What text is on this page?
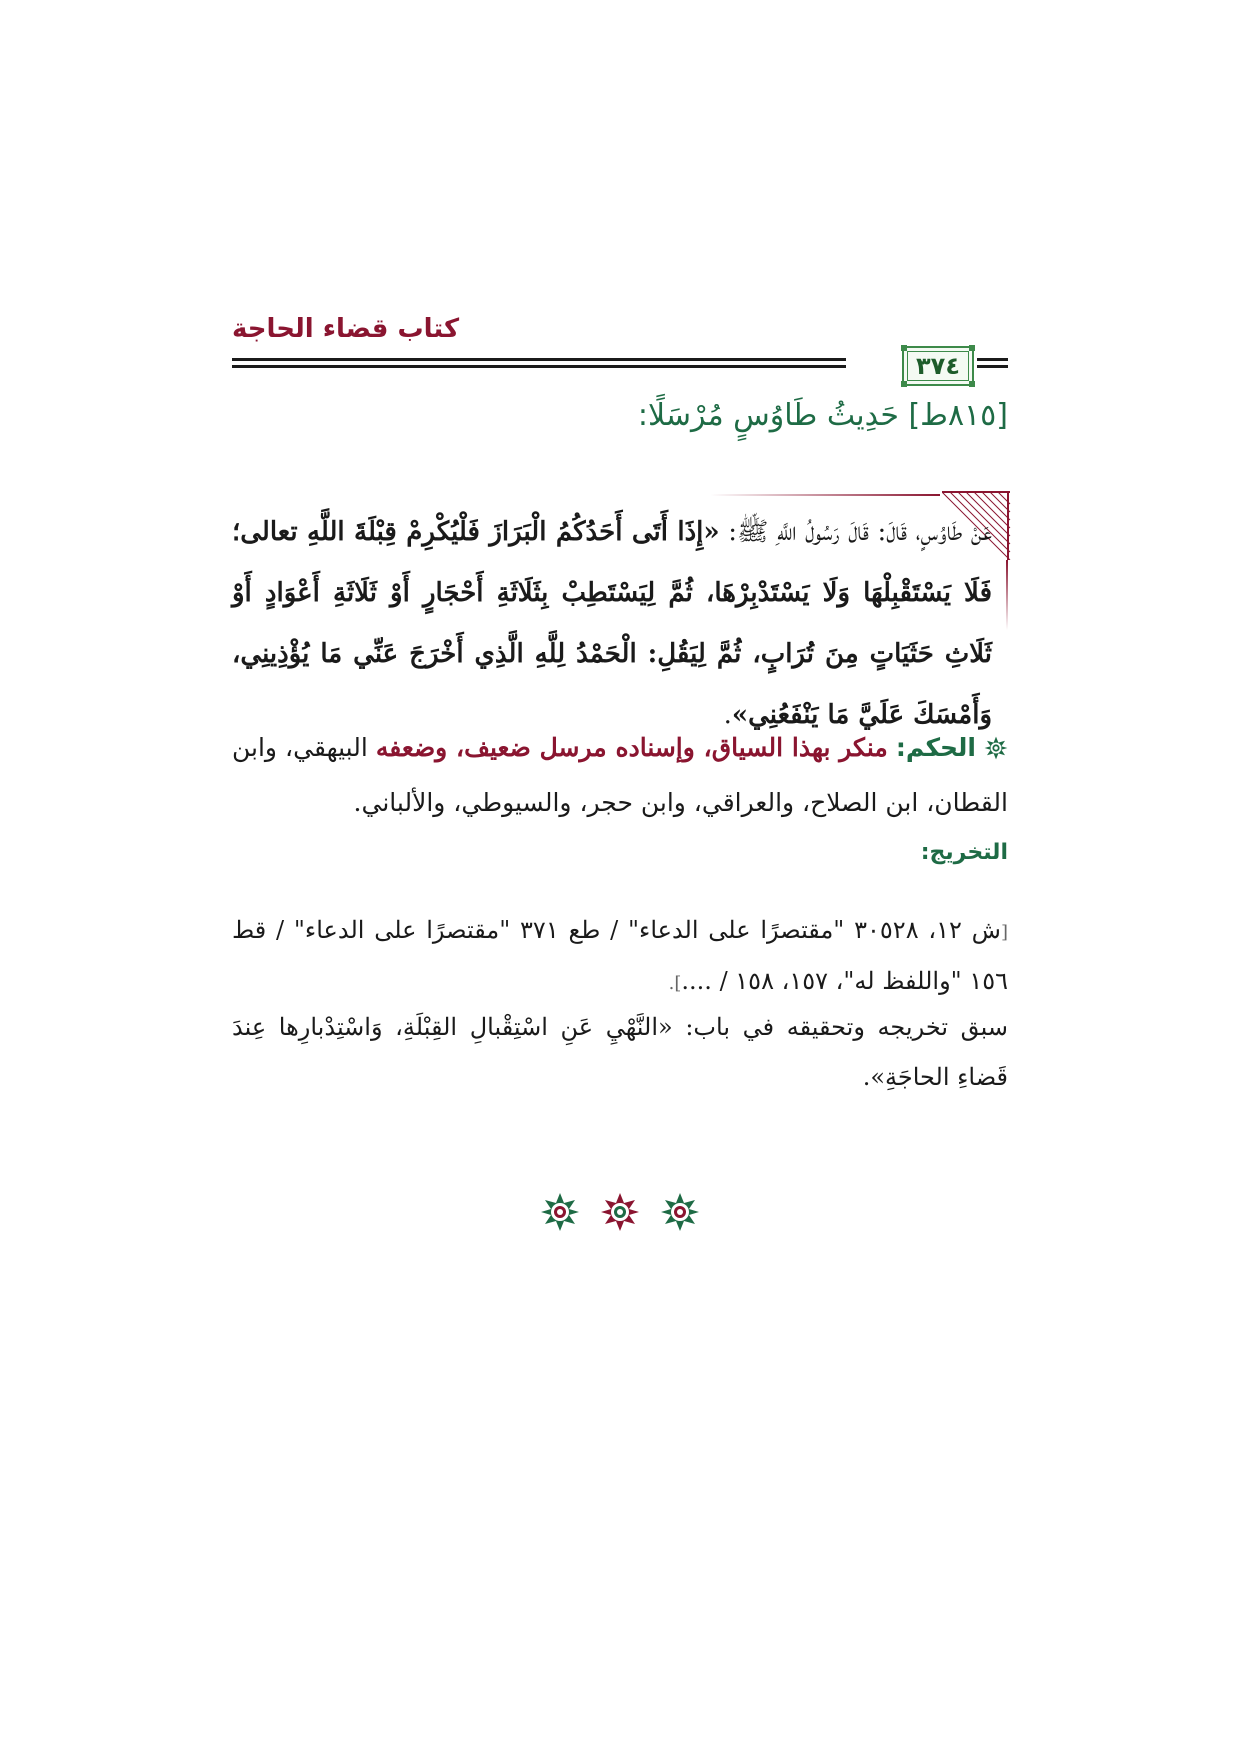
كتاب قضاء الحاجة
٣٧٤
[٨١٥ط] حَدِيثُ طَاوُسٍ مُرْسَلًا:
عَنْ طَاوُسٍ، قَالَ: قَالَ رَسُولُ اللَّهِ ﷺ: «إِذَا أَتَى أَحَدُكُمُ الْبَرَازَ فَلْيُكْرِمْ قِبْلَةَ اللَّهِ تعالى؛ فَلَا يَسْتَقْبِلْهَا وَلَا يَسْتَدْبِرْهَا، ثُمَّ لِيَسْتَطِبْ بِثَلَاثَةِ أَحْجَارٍ أَوْ ثَلَاثَةِ أَعْوَادٍ أَوْ ثَلَاثِ حَثَيَاتٍ مِنَ تُرَابٍ، ثُمَّ لِيَقُلِ: الْحَمْدُ لِلَّهِ الَّذِي أَخْرَجَ عَنِّي مَا يُؤْذِينِي، وَأَمْسَكَ عَلَيَّ مَا يَنْفَعُنِي».
الحكم: منكر بهذا السياق، وإسناده مرسل ضعيف، وضعفه البيهقي، وابن القطان، ابن الصلاح، والعراقي، وابن حجر، والسيوطي، والألباني.
التخريج:
[ش ١٢، ٣٠٥٢٨ "مقتصرًا على الدعاء" / طع ٣٧١ "مقتصرًا على الدعاء" / قط ١٥٦ "واللفظ له"، ١٥٧، ١٥٨ / ....].
سبق تخريجه وتحقيقه في باب: «النَّهْيِ عَنِ اسْتِقْبالِ القِبْلَةِ، وَاسْتِدْبارِها عِندَ قَضاءِ الحاجَةِ».
